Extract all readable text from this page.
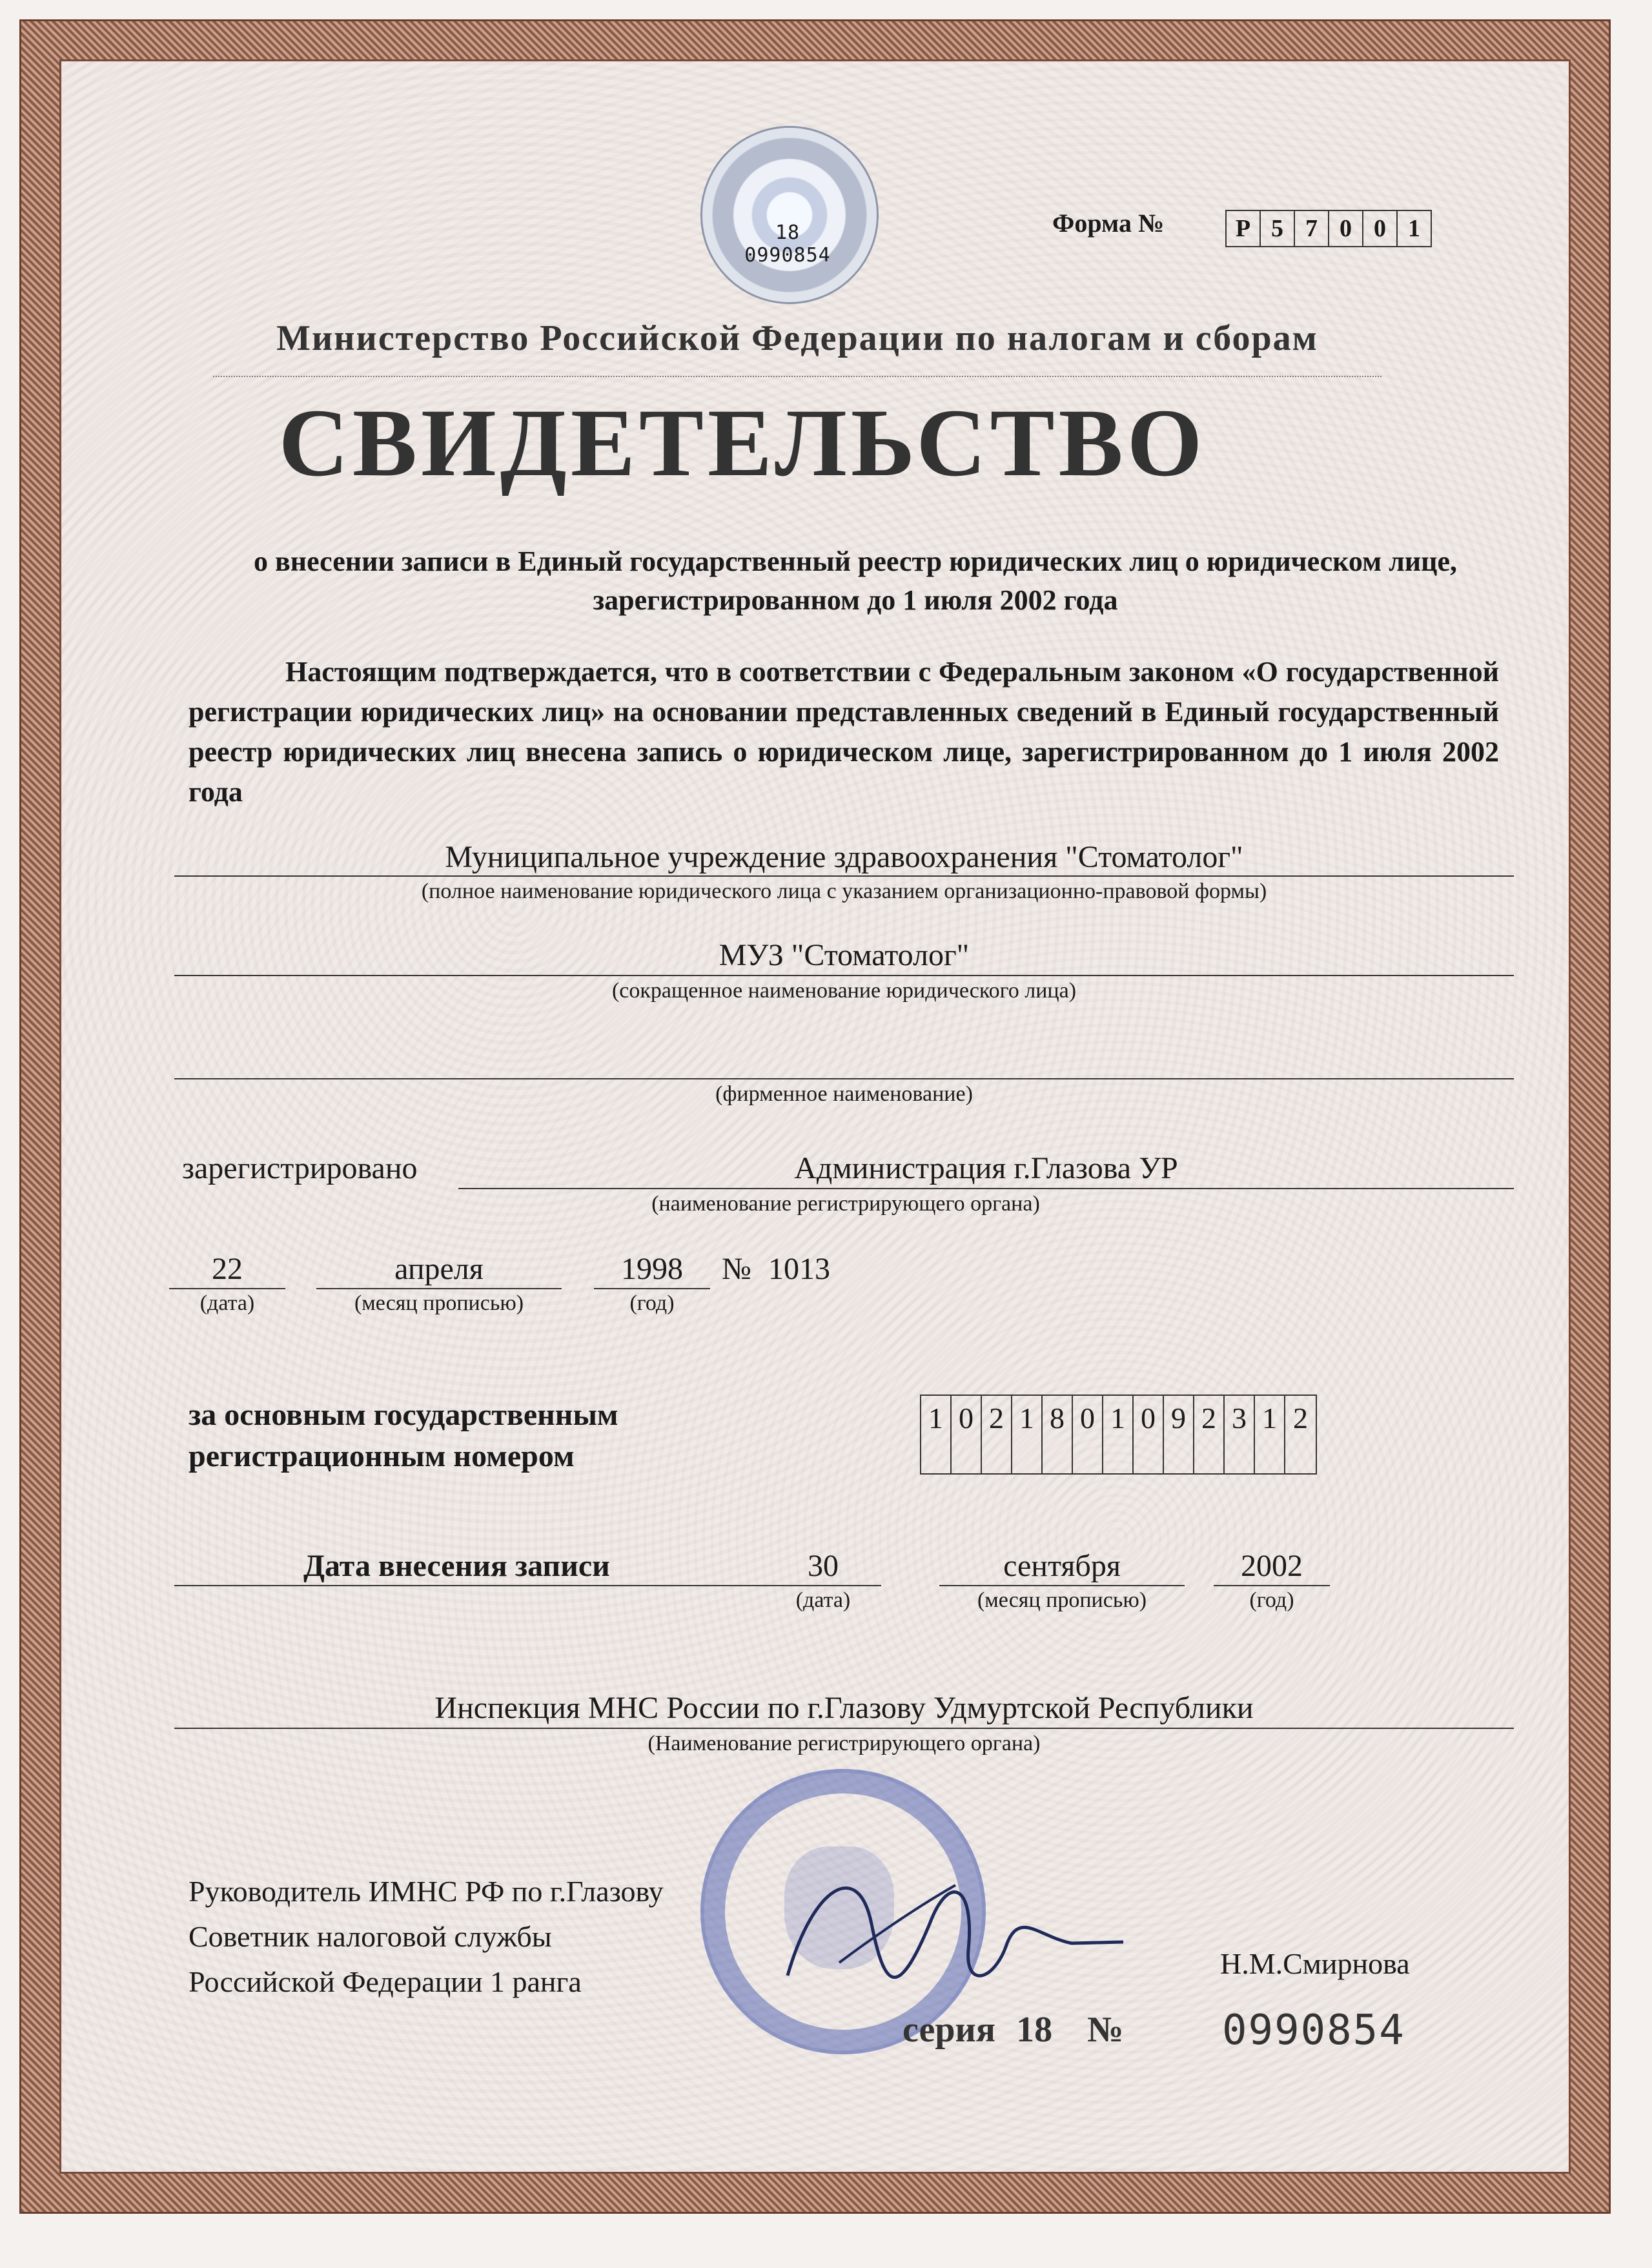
18 0990854
Форма №	Р 5 7 0 0 1
Министерство Российской Федерации по налогам и сборам
СВИДЕТЕЛЬСТВО
о внесении записи в Единый государственный реестр юридических лиц о юридическом лице, зарегистрированном до 1 июля 2002 года
Настоящим подтверждается, что в соответствии с Федеральным законом «О государственной регистрации юридических лиц» на основании представленных сведений в Единый государственный реестр юридических лиц внесена запись о юридическом лице, зарегистрированном до 1 июля 2002 года
Муниципальное учреждение здравоохранения "Стоматолог"
(полное наименование юридического лица с указанием организационно-правовой формы)
МУЗ "Стоматолог"
(сокращенное наименование юридического лица)
(фирменное наименование)
зарегистрировано	Администрация г.Глазова УР
(наименование регистрирующего органа)
22
(дата)
апреля
(месяц прописью)
1998
(год)
№ 1013
за основным государственным регистрационным номером
1 0 2 1 8 0 1 0 9 2 3 1 2
Дата внесения записи	30
(дата)
сентября
(месяц прописью)
2002
(год)
Инспекция МНС России по г.Глазову Удмуртской Республики
(Наименование регистрирующего органа)
Руководитель ИМНС РФ по г.Глазову
Советник налоговой службы
Российской Федерации 1 ранга
Н.М.Смирнова
серия 18 № 0990854
